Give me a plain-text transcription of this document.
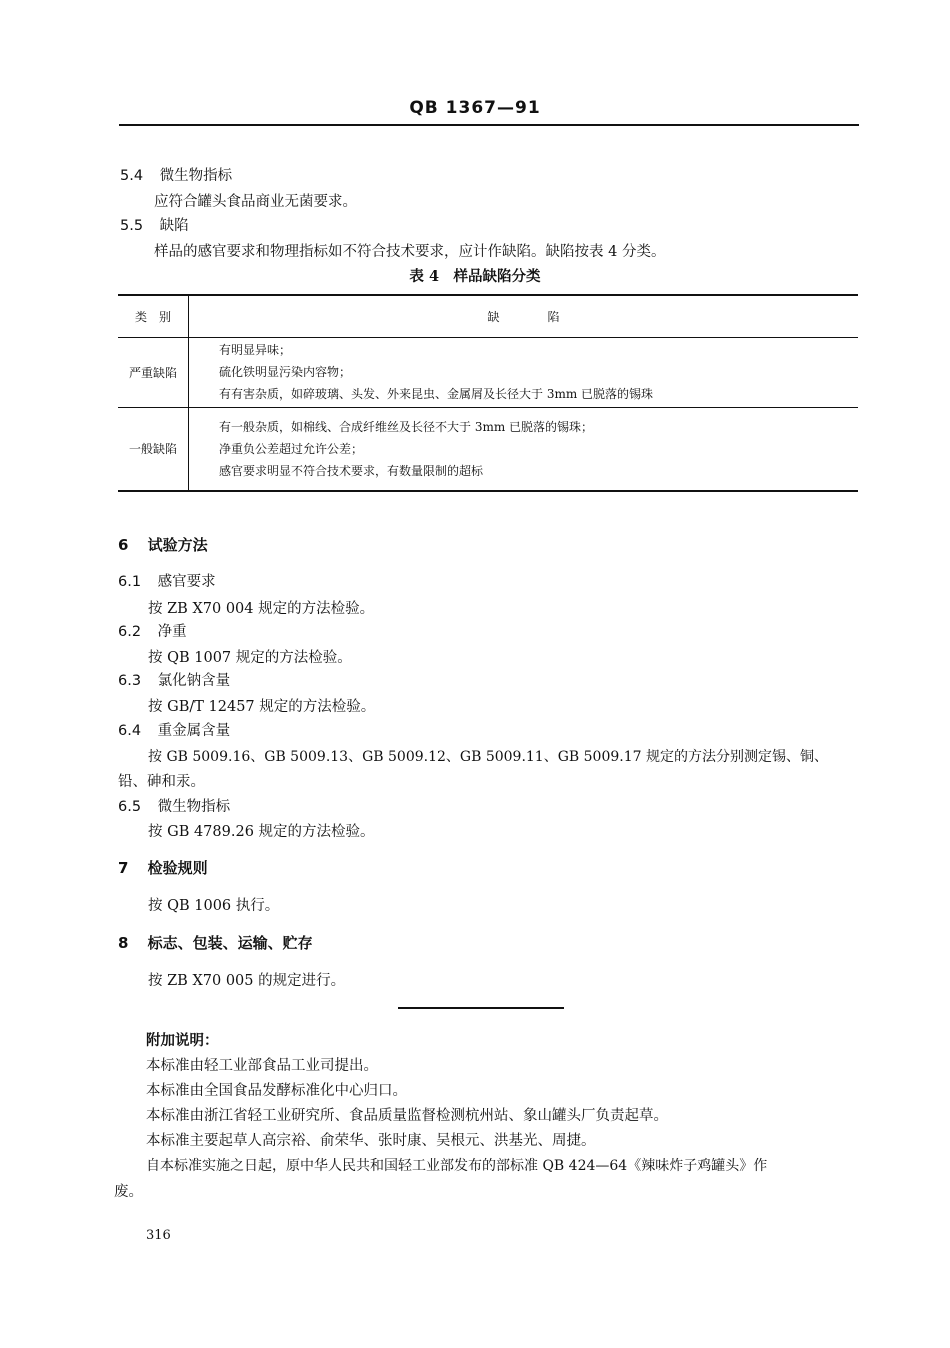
QB 1367—91
5.4 微生物指标
应符合罐头食品商业无菌要求。
5.5 缺陷
样品的感官要求和物理指标如不符合技术要求，应计作缺陷。缺陷按表 4 分类。
表 4　样品缺陷分类
类　别	缺　　　　陷
严重缺陷	有明显异味；
硫化铁明显污染内容物；
有有害杂质，如碎玻璃、头发、外来昆虫、金属屑及长径大于 3mm 已脱落的锡珠

一般缺陷	有一般杂质，如棉线、合成纤维丝及长径不大于 3mm 已脱落的锡珠；
净重负公差超过允许公差；
感官要求明显不符合技术要求，有数量限制的超标
6 试验方法
6.1 感官要求
按 ZB X70 004 规定的方法检验。
6.2 净重
按 QB 1007 规定的方法检验。
6.3 氯化钠含量
按 GB/T 12457 规定的方法检验。
6.4 重金属含量
按 GB 5009.16、GB 5009.13、GB 5009.12、GB 5009.11、GB 5009.17 规定的方法分别测定锡、铜、
铅、砷和汞。
6.5 微生物指标
按 GB 4789.26 规定的方法检验。
7 检验规则
按 QB 1006 执行。
8 标志、包装、运输、贮存
按 ZB X70 005 的规定进行。
附加说明：
本标准由轻工业部食品工业司提出。
本标准由全国食品发酵标准化中心归口。
本标准由浙江省轻工业研究所、食品质量监督检测杭州站、象山罐头厂负责起草。
本标准主要起草人高宗裕、俞荣华、张时康、吴根元、洪基光、周捷。
自本标准实施之日起，原中华人民共和国轻工业部发布的部标准 QB 424—64《辣味炸子鸡罐头》作
废。
316
